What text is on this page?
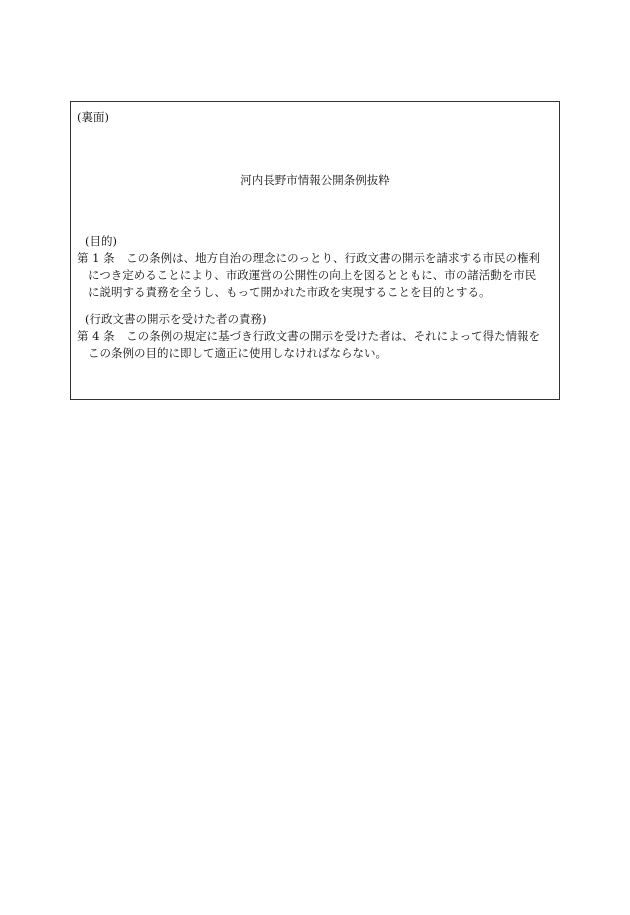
(裏面)

河内長野市情報公開条例抜粋

(目的)

第 1 条　この条例は、地方自治の理念にのっとり、行政文書の開示を請求する市民の権利

につき定めることにより、市政運営の公開性の向上を図るとともに、市の諸活動を市民

に説明する責務を全うし、もって開かれた市政を実現することを目的とする。

(行政文書の開示を受けた者の責務)

第 4 条　この条例の規定に基づき行政文書の開示を受けた者は、それによって得た情報を

この条例の目的に即して適正に使用しなければならない。
